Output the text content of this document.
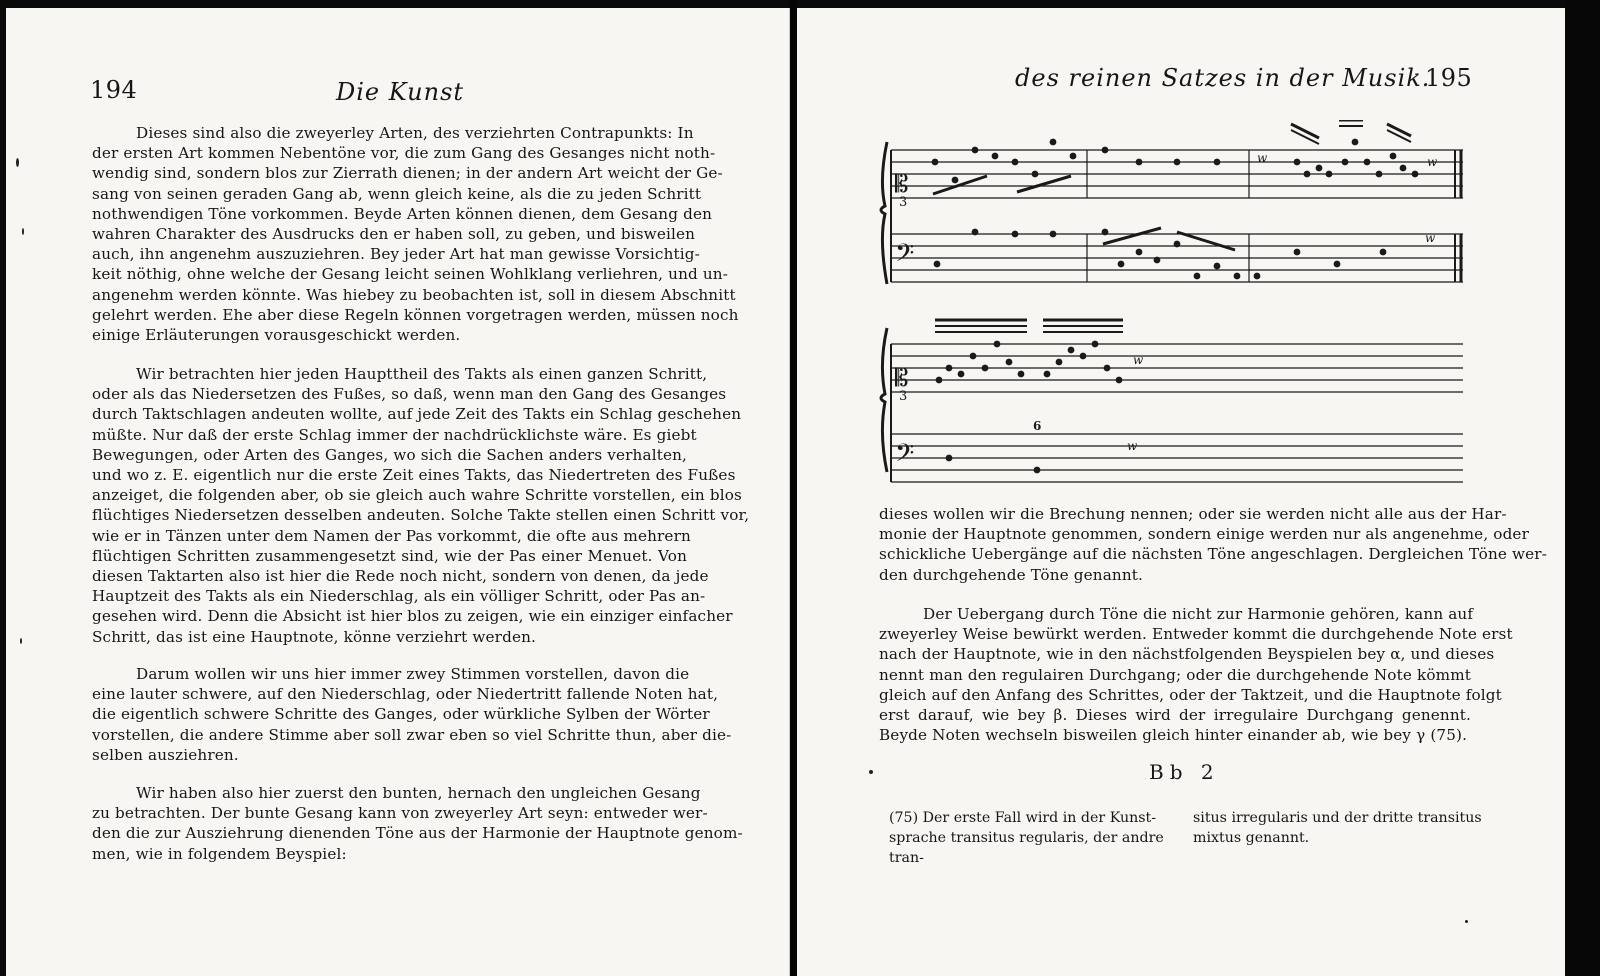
194	Die Kunst
Dieses sind also die zweyerley Arten, des verziehrten Contrapunkts: In
der ersten Art kommen Nebentöne vor, die zum Gang des Gesanges nicht noth-
wendig sind, sondern blos zur Zierrath dienen; in der andern Art weicht der Ge-
sang von seinen geraden Gang ab, wenn gleich keine, als die zu jeden Schritt
nothwendigen Töne vorkommen. Beyde Arten können dienen, dem Gesang den
wahren Charakter des Ausdrucks den er haben soll, zu geben, und bisweilen
auch, ihn angenehm auszuziehren. Bey jeder Art hat man gewisse Vorsichtig-
keit nöthig, ohne welche der Gesang leicht seinen Wohlklang verliehren, und un-
angenehm werden könnte. Was hiebey zu beobachten ist, soll in diesem Abschnitt
gelehrt werden. Ehe aber diese Regeln können vorgetragen werden, müssen noch
einige Erläuterungen vorausgeschickt werden.
Wir betrachten hier jeden Haupttheil des Takts als einen ganzen Schritt,
oder als das Niedersetzen des Fußes, so daß, wenn man den Gang des Gesanges
durch Taktschlagen andeuten wollte, auf jede Zeit des Takts ein Schlag geschehen
müßte. Nur daß der erste Schlag immer der nachdrücklichste wäre. Es giebt
Bewegungen, oder Arten des Ganges, wo sich die Sachen anders verhalten,
und wo z. E. eigentlich nur die erste Zeit eines Takts, das Niedertreten des Fußes
anzeiget, die folgenden aber, ob sie gleich auch wahre Schritte vorstellen, ein blos
flüchtiges Niedersetzen desselben andeuten. Solche Takte stellen einen Schritt vor,
wie er in Tänzen unter dem Namen der Pas vorkommt, die ofte aus mehrern
flüchtigen Schritten zusammengesetzt sind, wie der Pas einer Menuet. Von
diesen Taktarten also ist hier die Rede noch nicht, sondern von denen, da jede
Hauptzeit des Takts als ein Niederschlag, als ein völliger Schritt, oder Pas an-
gesehen wird. Denn die Absicht ist hier blos zu zeigen, wie ein einziger einfacher
Schritt, das ist eine Hauptnote, könne verziehrt werden.
Darum wollen wir uns hier immer zwey Stimmen vorstellen, davon die
eine lauter schwere, auf den Niederschlag, oder Niedertritt fallende Noten hat,
die eigentlich schwere Schritte des Ganges, oder würkliche Sylben der Wörter
vorstellen, die andere Stimme aber soll zwar eben so viel Schritte thun, aber die-
selben ausziehren.
Wir haben also hier zuerst den bunten, hernach den ungleichen Gesang
zu betrachten. Der bunte Gesang kann von zweyerley Art seyn: entweder wer-
den die zur Ausziehrung dienenden Töne aus der Harmonie der Hauptnote genom-
men, wie in folgendem Beyspiel:
des reinen Satzes in der Musik.
195
𝄡
3
𝄢
w	w
w
𝄡
3
𝄢
w
6
w
dieses wollen wir die Brechung nennen; oder sie werden nicht alle aus der Har-
monie der Hauptnote genommen, sondern einige werden nur als angenehme, oder
schickliche Uebergänge auf die nächsten Töne angeschlagen. Dergleichen Töne wer-
den durchgehende Töne genannt.
Der Uebergang durch Töne die nicht zur Harmonie gehören, kann auf
zweyerley Weise bewürkt werden. Entweder kommt die durchgehende Note erst
nach der Hauptnote, wie in den nächstfolgenden Beyspielen bey α, und dieses
nennt man den regulairen Durchgang; oder die durchgehende Note kömmt
gleich auf den Anfang des Schrittes, oder der Taktzeit, und die Hauptnote folgt
erst darauf, wie bey β. Dieses wird der irregulaire Durchgang genennt.
Beyde Noten wechseln bisweilen gleich hinter einander ab, wie bey γ (75).
Bb 2
(75) Der erste Fall wird in der Kunst-
sprache transitus regularis, der andre tran-
situs irregularis und der dritte transitus
mixtus genannt.
